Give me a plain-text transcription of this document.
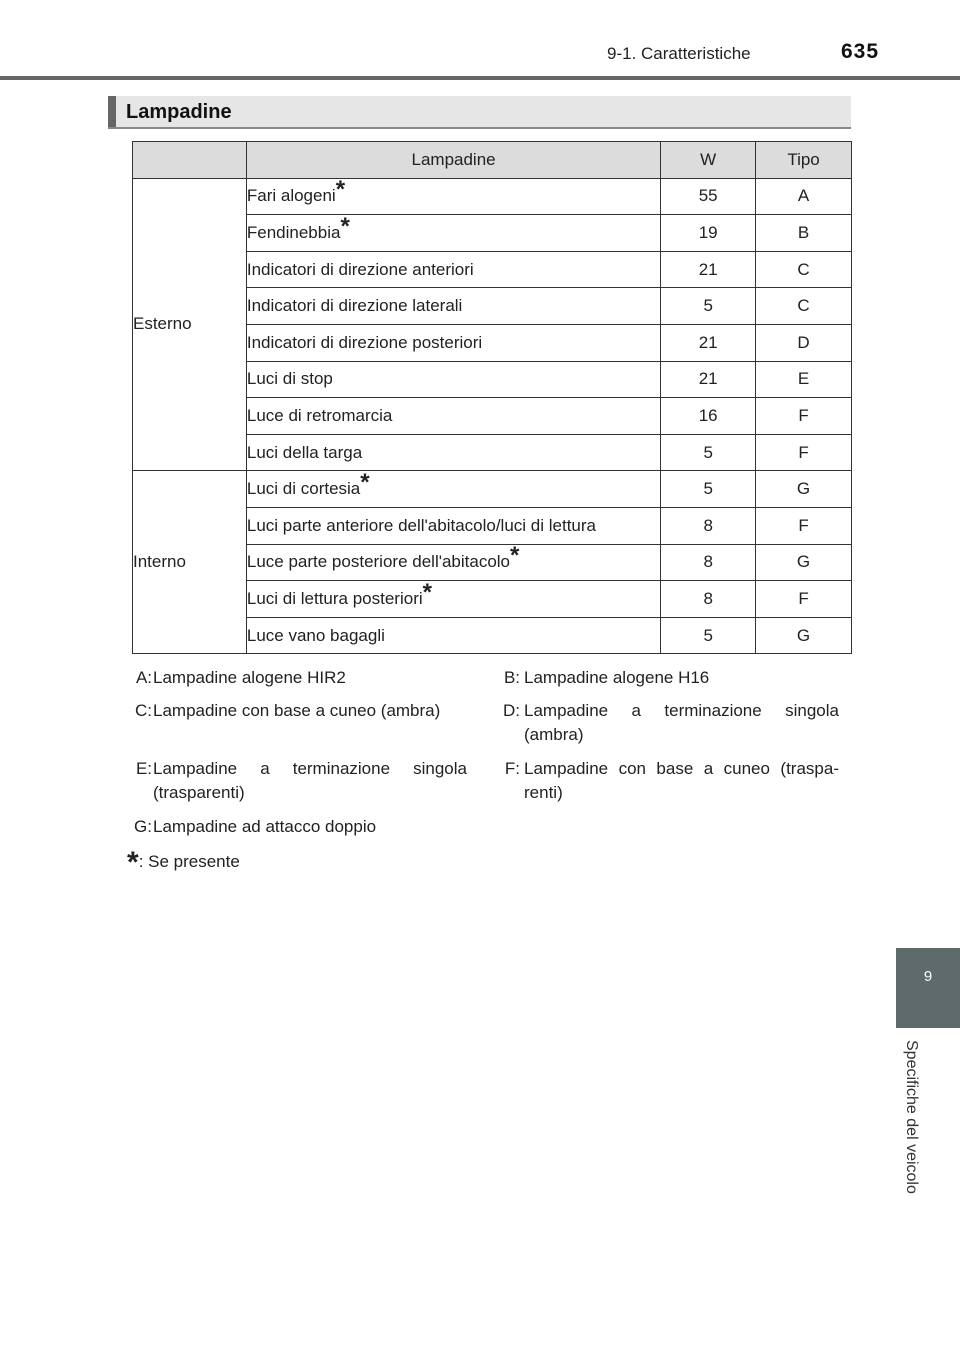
9-1. Caratteristiche	635
Lampadine
	Lampadine	W	Tipo
Esterno	Fari alogeni*	55	A
	Fendinebbia*	19	B
	Indicatori di direzione anteriori	21	C
	Indicatori di direzione laterali	5	C
	Indicatori di direzione posteriori	21	D
	Luci di stop	21	E
	Luce di retromarcia	16	F
	Luci della targa	5	F
Interno	Luci di cortesia*	5	G
	Luci parte anteriore dell'abitacolo/luci di lettura	8	F
	Luce parte posteriore dell'abitacolo*	8	G
	Luci di lettura posteriori*	8	F
	Luce vano bagagli	5	G
A: Lampadine alogene HIR2	B: Lampadine alogene H16
C: Lampadine con base a cuneo (ambra)	D: Lampadine a terminazione singola (ambra)
E: Lampadine a terminazione singola (trasparenti)
F: Lampadine con base a cuneo (traspa-renti)
G: Lampadine ad attacco doppio
*: Se presente
9
Specifiche del veicolo
